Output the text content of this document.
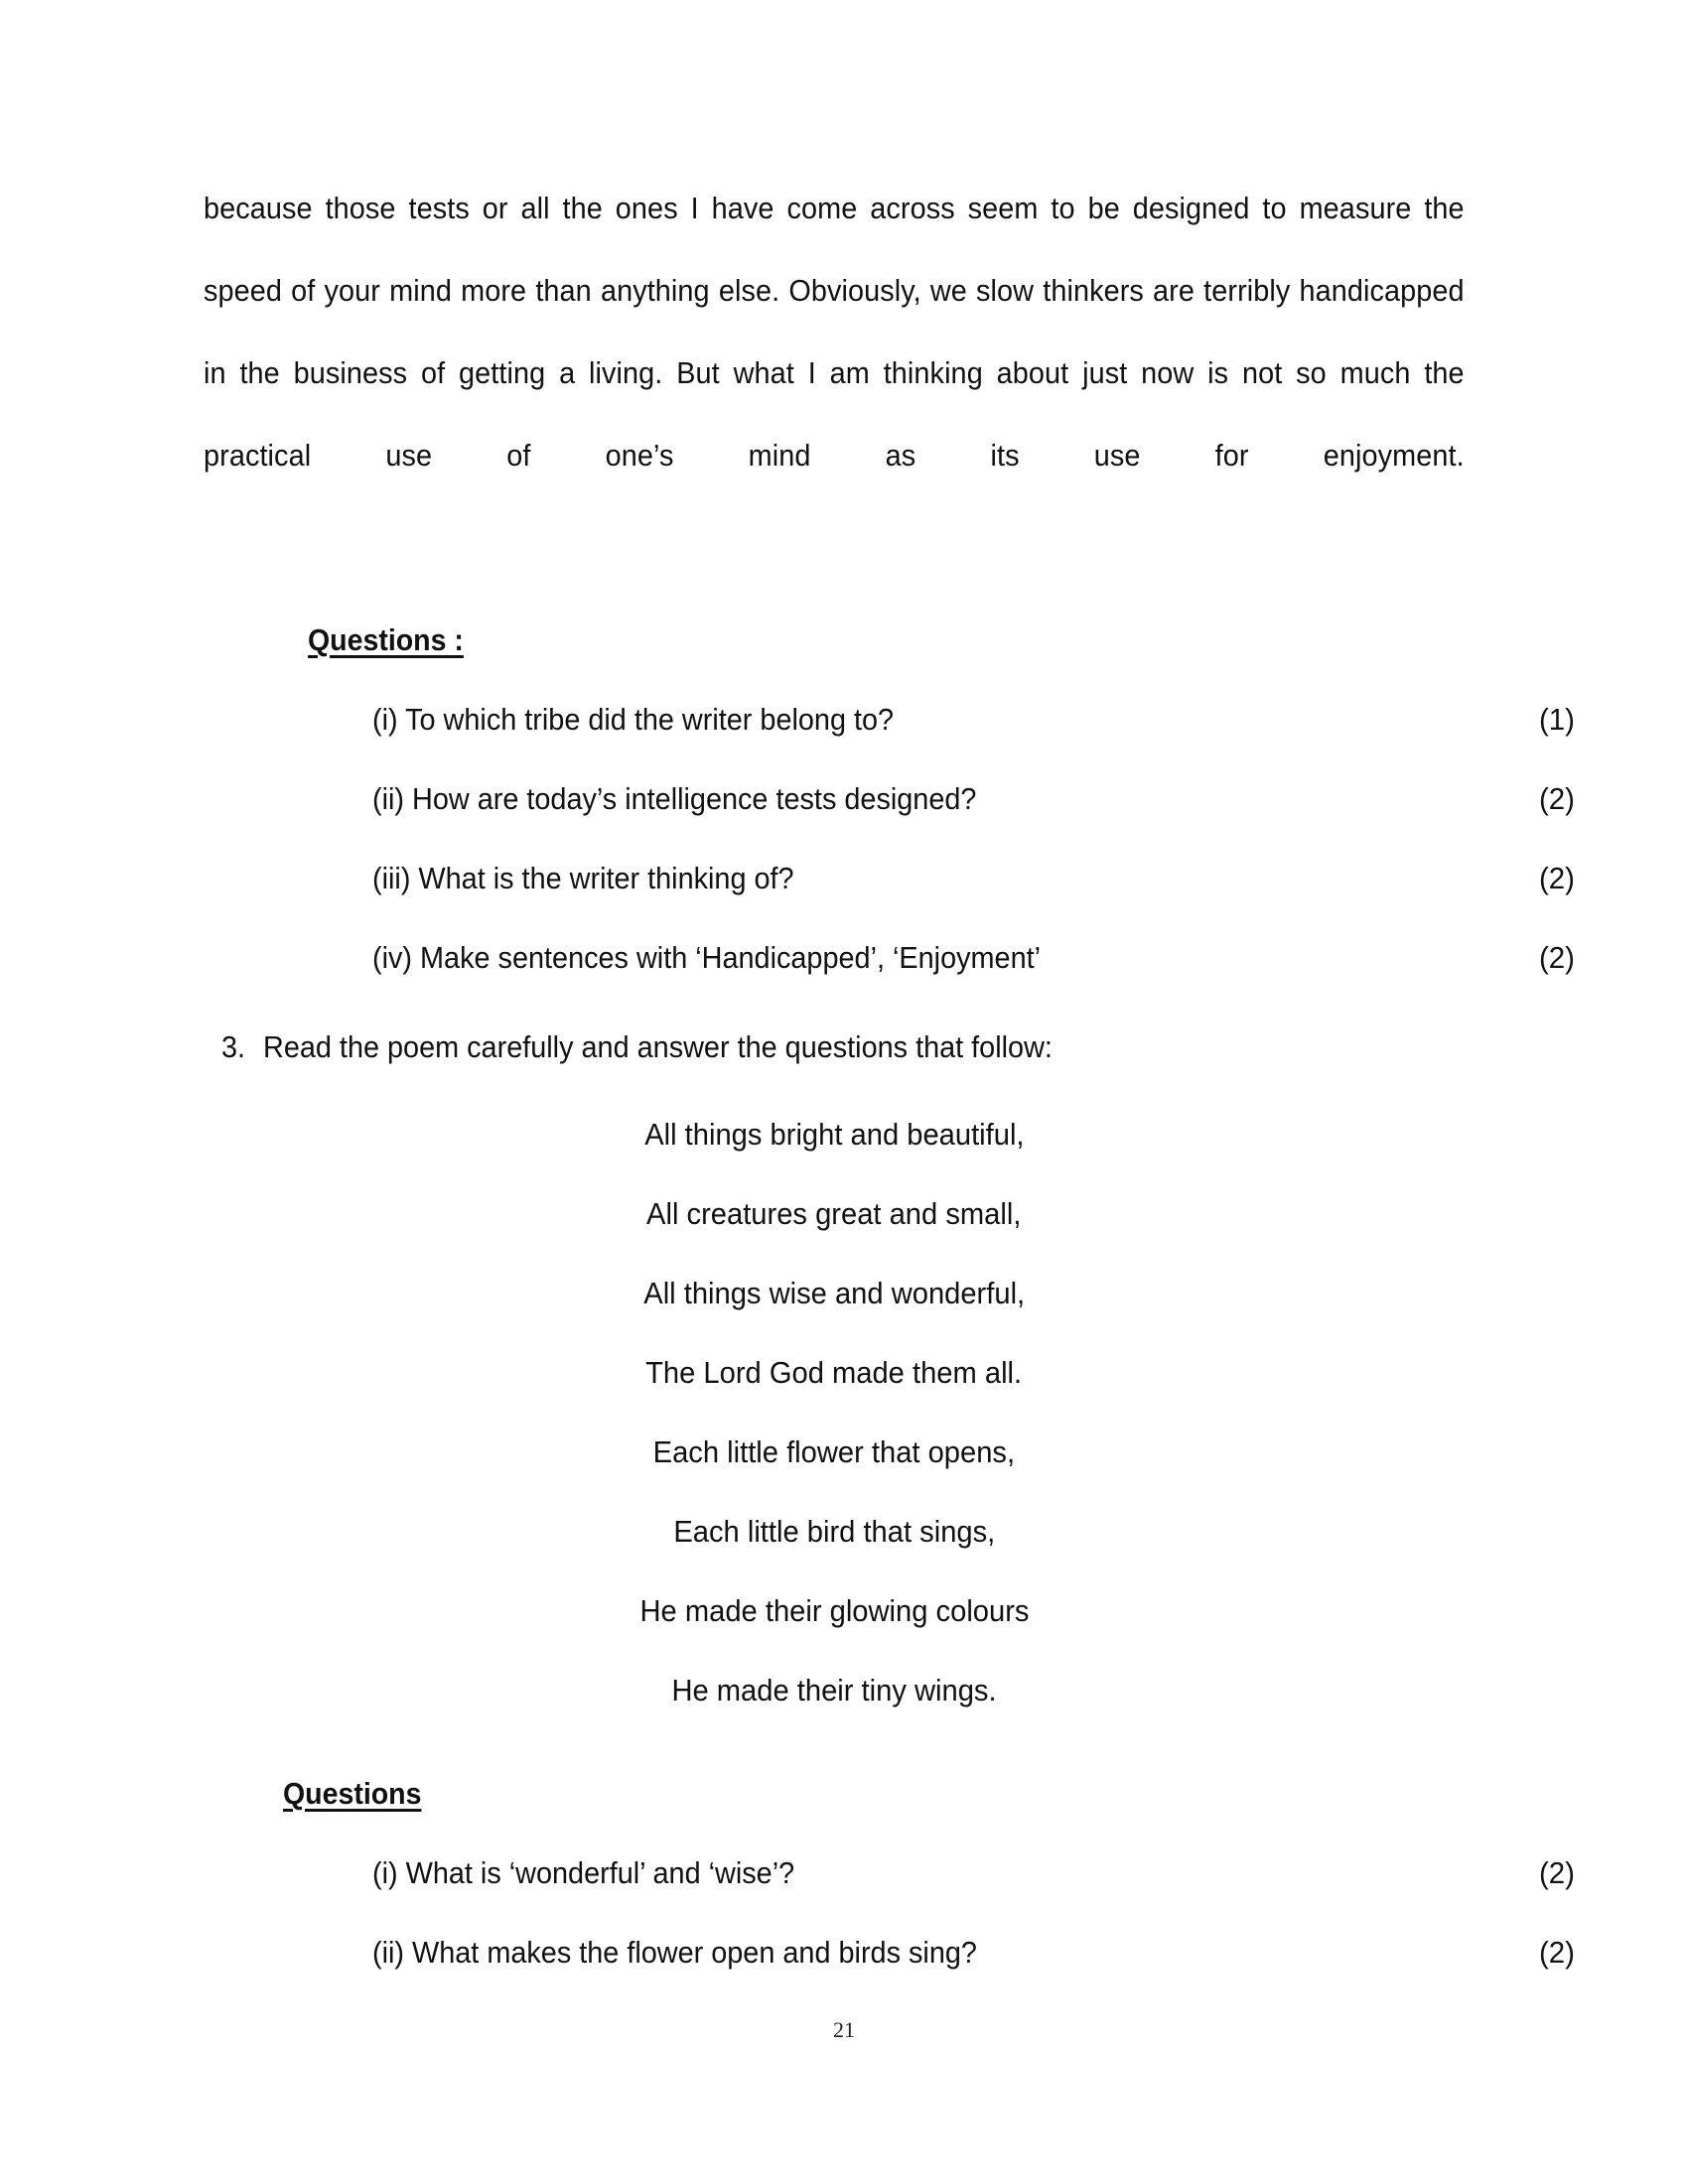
because those tests or all the ones I have come across seem to be designed to measure the speed of your mind more than anything else. Obviously, we slow thinkers are terribly handicapped in the business of getting a living. But what I am thinking about just now is not so much the practical use of one’s mind as its use for enjoyment.

Questions :
(i) To which tribe did the writer belong to?	(1)
(ii) How are today’s intelligence tests designed?	(2)
(iii) What is the writer thinking of?	(2)
(iv) Make sentences with ‘Handicapped’, ‘Enjoyment’	(2)
3. Read the poem carefully and answer the questions that follow:
All things bright and beautiful,
All creatures great and small,
All things wise and wonderful,
The Lord God made them all.
Each little flower that opens,
Each little bird that sings,
He made their glowing colours
He made their tiny wings.
Questions
(i) What is ‘wonderful’ and ‘wise’?	(2)
(ii) What makes the flower open and birds sing?	(2)
21
